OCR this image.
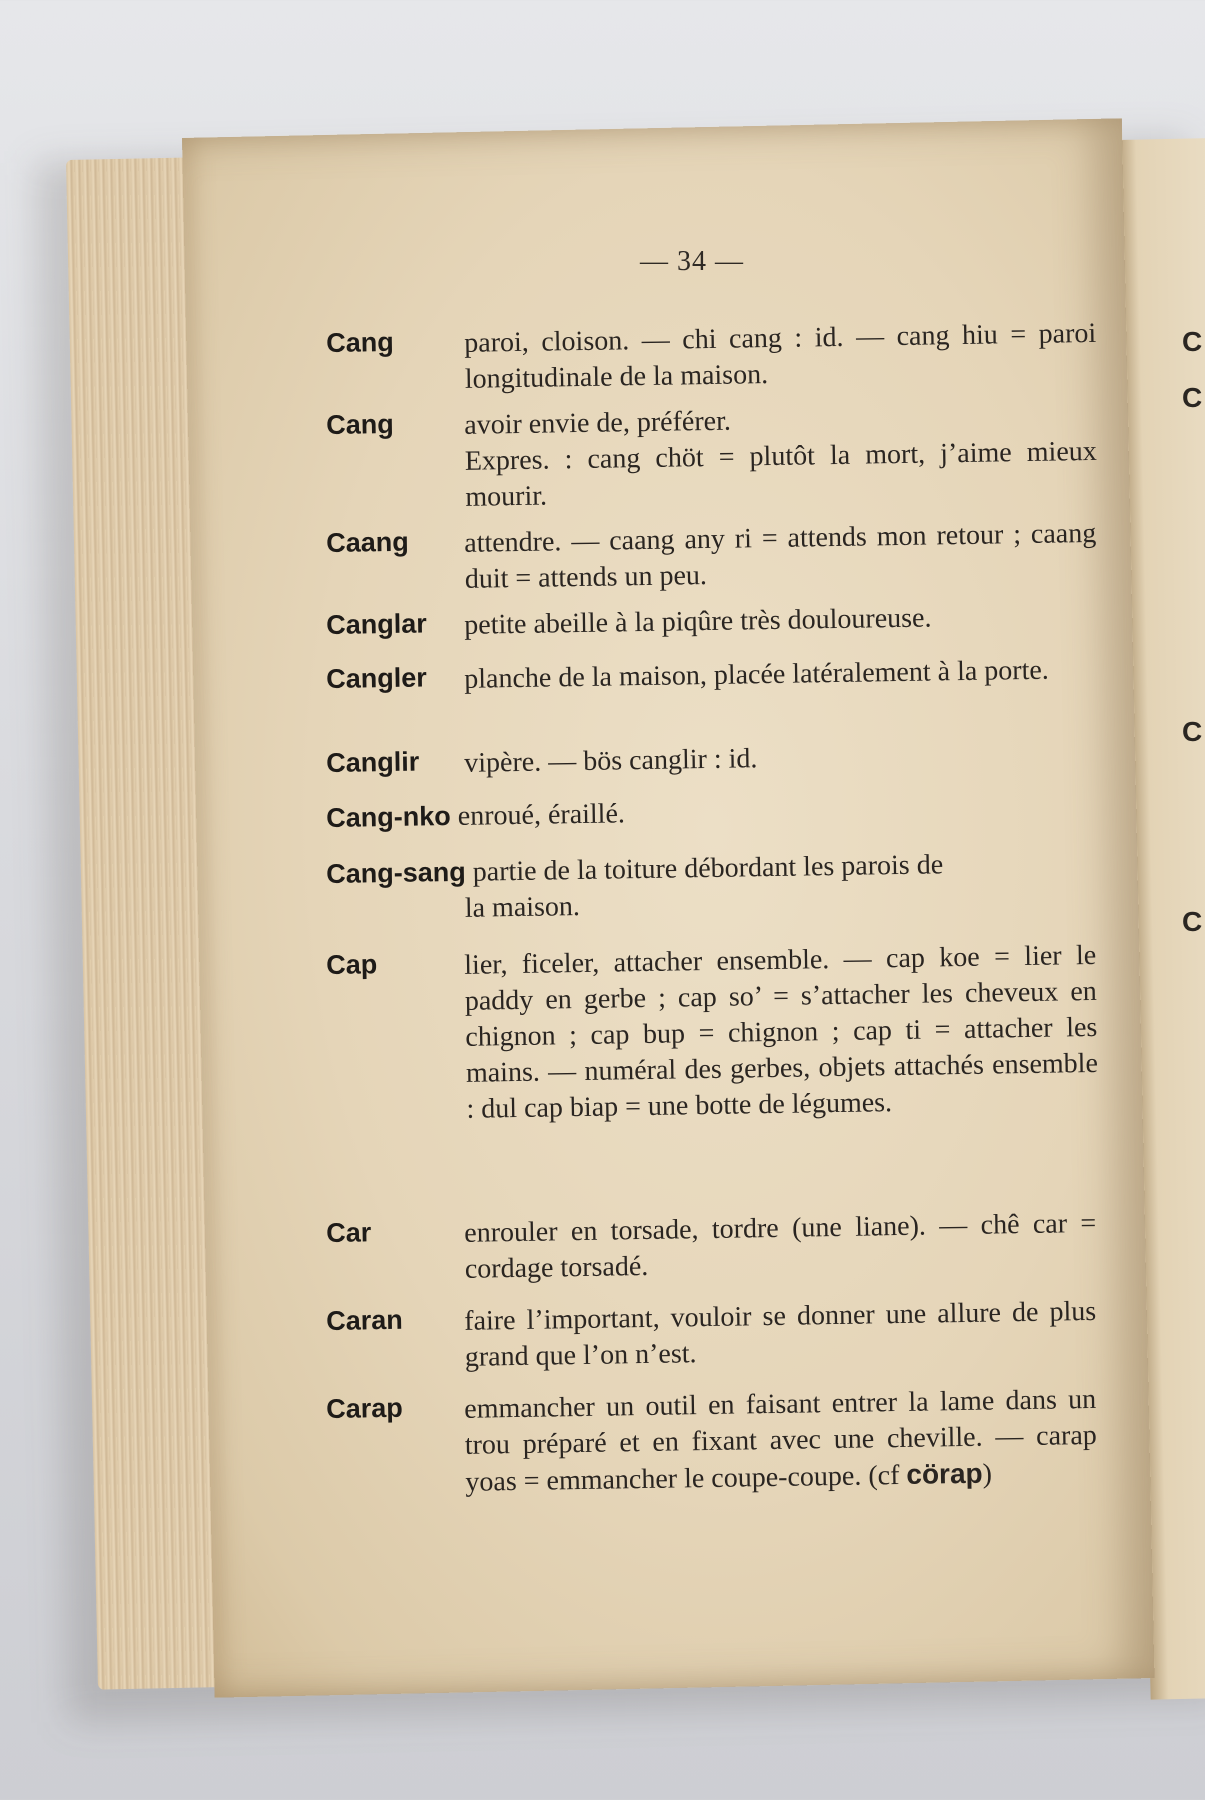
C
C
C
C
— 34 —
Cang	paroi, cloison. — chi cang : id. — cang hiu = paroi longitudinale de la maison.
Cang	avoir envie de, préférer.
Expres. : cang chöt = plutôt la mort, j’aime mieux mourir.
Caang attendre. — caang any ri = attends mon retour ; caang duit = attends un peu.
Canglar petite abeille à la piqûre très douloureuse.
Cangler planche de la maison, placée latéralement à la porte.
Canglir vipère. — bös canglir : id.
Cang-nko enroué, éraillé.
Cang-sang partie de la toiture débordant les parois de
la maison.
Cap	lier, ficeler, attacher ensemble. — cap koe = lier le paddy en gerbe ; cap so’ = s’attacher les cheveux en chignon ; cap bup = chignon ; cap ti = attacher les mains. — numéral des gerbes, objets attachés ensemble : dul cap biap = une botte de légumes.
Car	enrouler en torsade, tordre (une liane). — chê car = cordage torsadé.
Caran faire l’important, vouloir se donner une allure de plus grand que l’on n’est.
Carap emmancher un outil en faisant entrer la lame dans un trou préparé et en fixant avec une cheville. — carap yoas = emmancher le coupe-coupe. (cf cörap)
